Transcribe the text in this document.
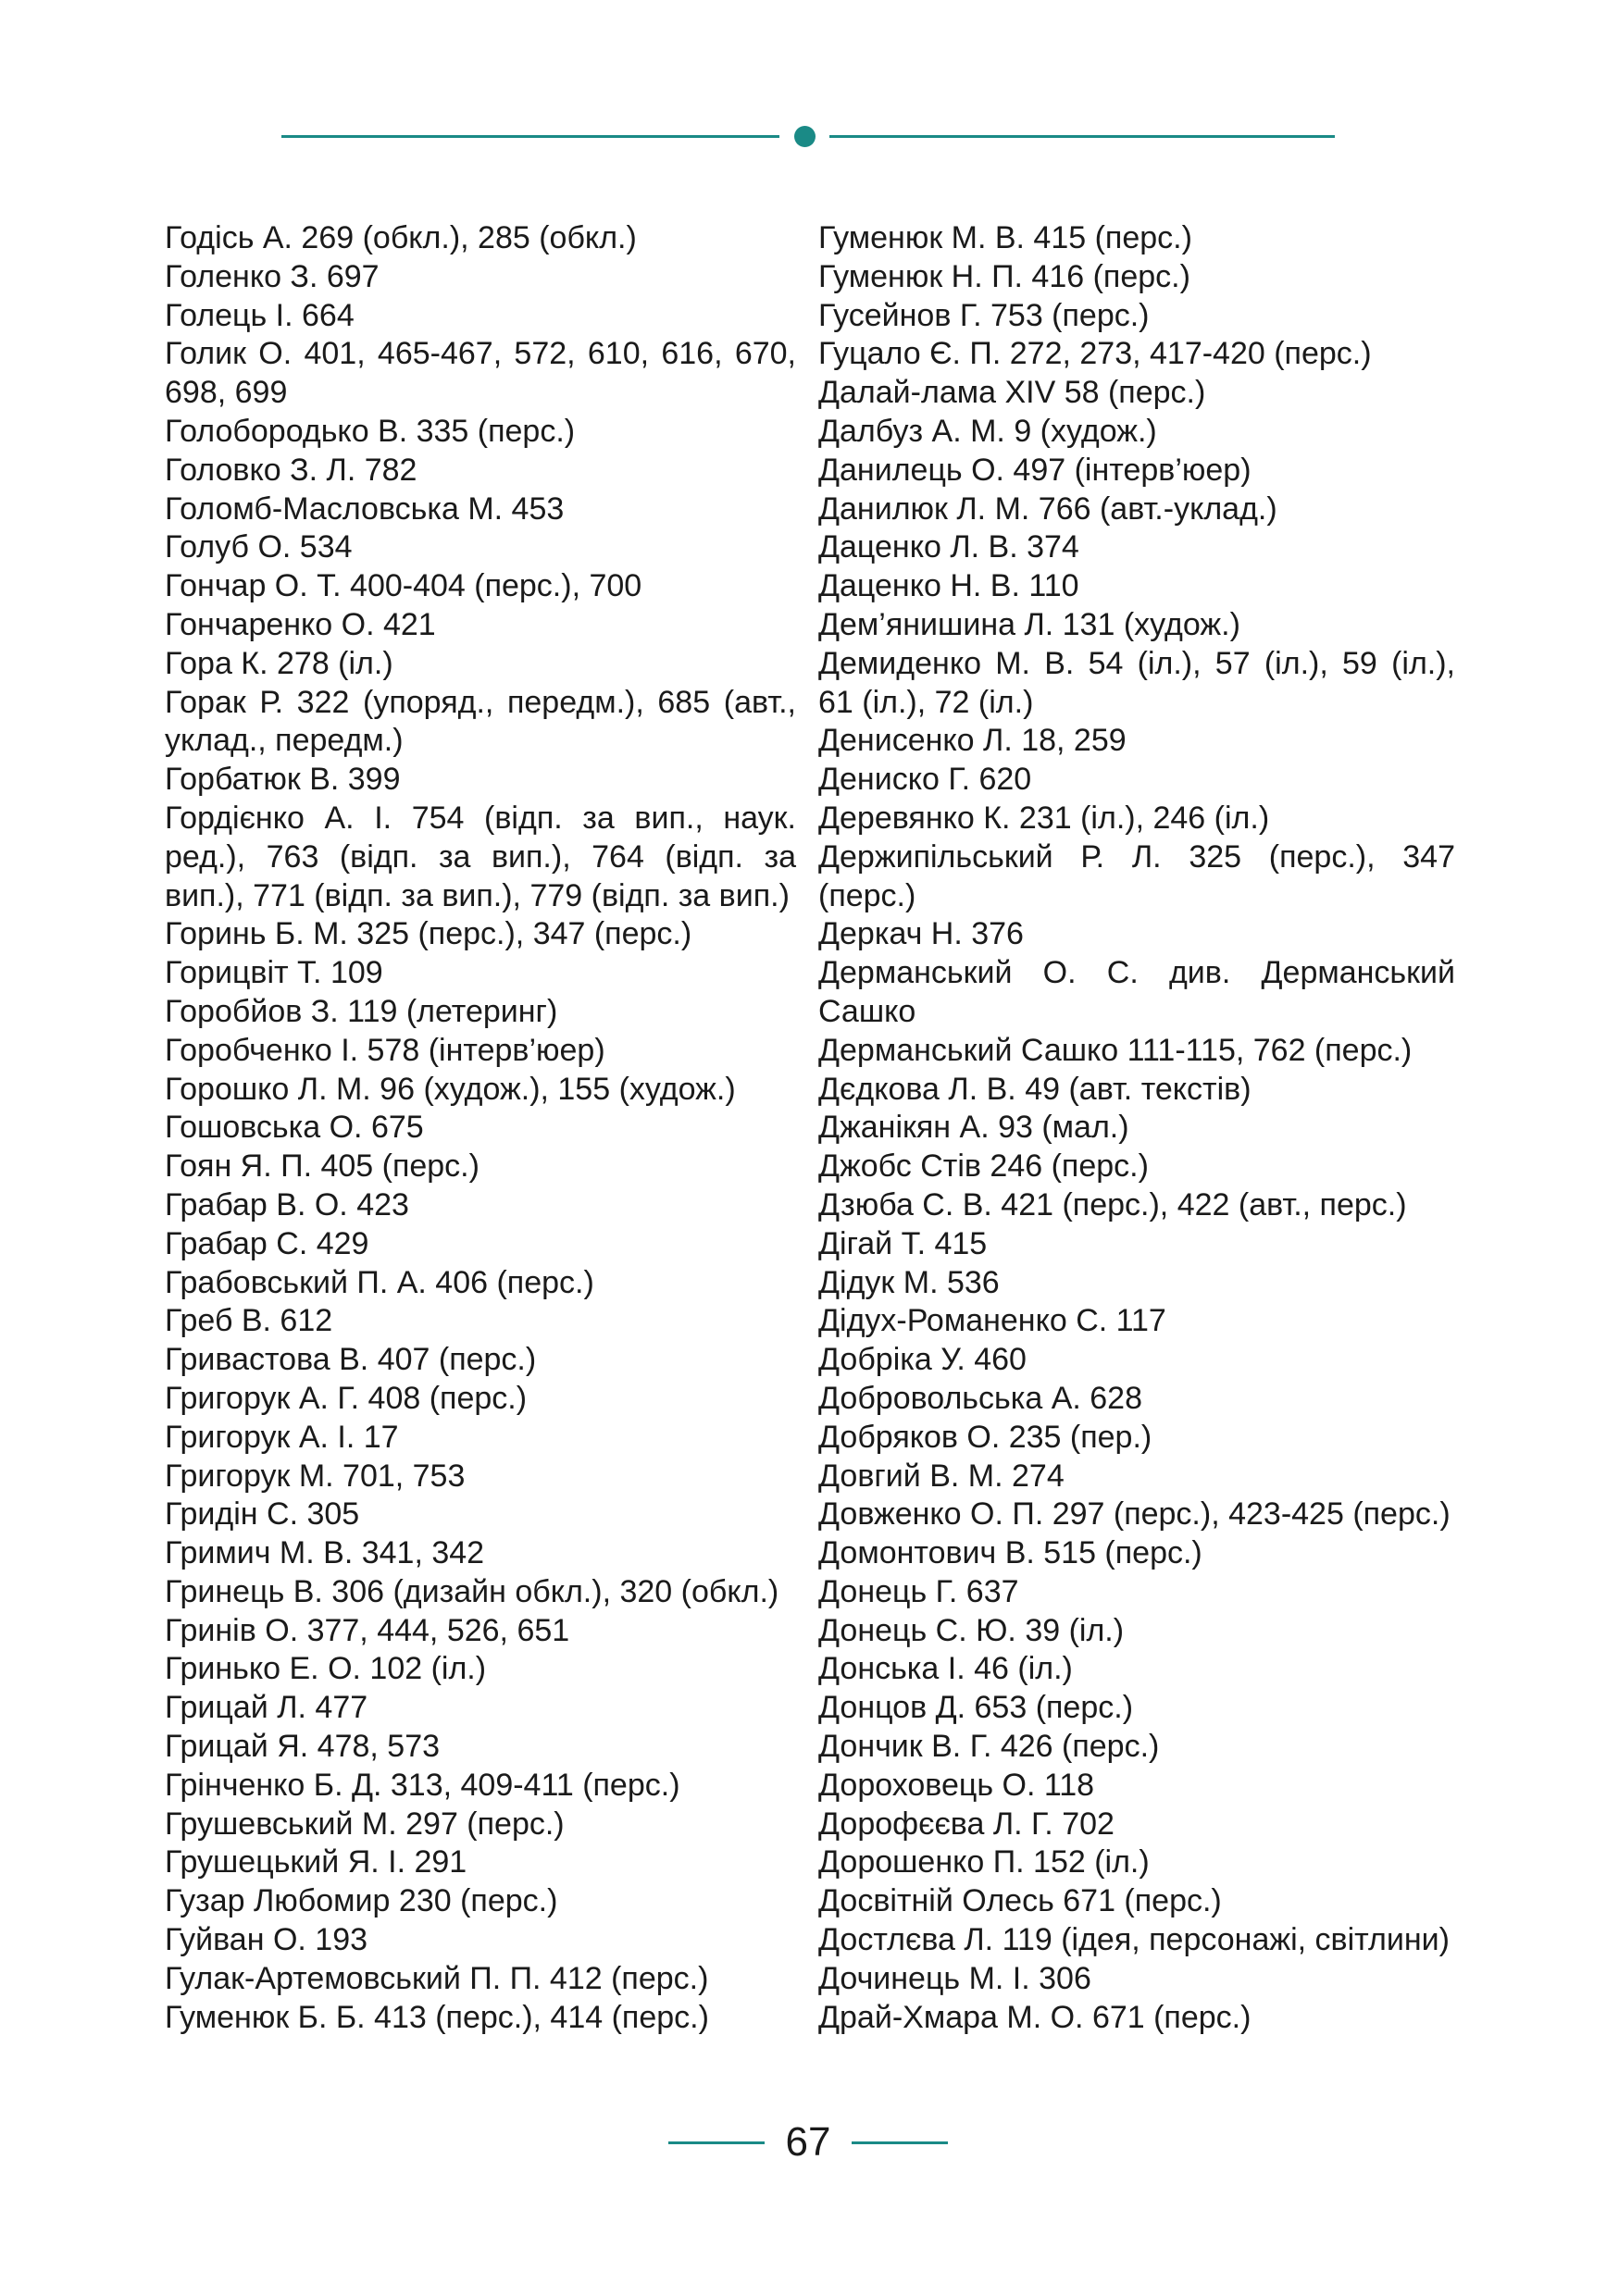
Годісь А. 269 (обкл.), 285 (обкл.)
Голенко З. 697
Голець І. 664
Голик О. 401, 465-467, 572, 610, 616, 670, 698, 699
Голобородько В. 335 (перс.)
Головко З. Л. 782
Голомб-Масловська М. 453
Голуб О. 534
Гончар О. Т. 400-404 (перс.), 700
Гончаренко О. 421
Гора К. 278 (іл.)
Горак Р. 322 (упоряд., передм.), 685 (авт., уклад., передм.)
Горбатюк В. 399
Гордієнко А. І. 754 (відп. за вип., наук. ред.), 763 (відп. за вип.), 764 (відп. за вип.), 771 (відп. за вип.), 779 (відп. за вип.)
Горинь Б. М. 325 (перс.), 347 (перс.)
Горицвіт Т. 109
Горобйов З. 119 (летеринг)
Горобченко І. 578 (інтерв’юер)
Горошко Л. М. 96 (худож.), 155 (худож.)
Гошовська О. 675
Гоян Я. П. 405 (перс.)
Грабар В. О. 423
Грабар С. 429
Грабовський П. А. 406 (перс.)
Греб В. 612
Гривастова В. 407 (перс.)
Григорук А. Г. 408 (перс.)
Григорук А. І. 17
Григорук М. 701, 753
Гридін С. 305
Гримич М. В. 341, 342
Гринець В. 306 (дизайн обкл.), 320 (обкл.)
Гринів О. 377, 444, 526, 651
Гринько Е. О. 102 (іл.)
Грицай Л. 477
Грицай Я. 478, 573
Грінченко Б. Д. 313, 409-411 (перс.)
Грушевський М. 297 (перс.)
Грушецький Я. І. 291
Гузар Любомир 230 (перс.)
Гуйван О. 193
Гулак-Артемовський П. П. 412 (перс.)
Гуменюк Б. Б. 413 (перс.), 414 (перс.)
Гуменюк М. В. 415 (перс.)
Гуменюк Н. П. 416 (перс.)
Гусейнов Г. 753 (перс.)
Гуцало Є. П. 272, 273, 417-420 (перс.)
Далай-лама XIV 58 (перс.)
Далбуз А. М. 9 (худож.)
Данилець О. 497 (інтерв’юер)
Данилюк Л. М. 766 (авт.-уклад.)
Даценко Л. В. 374
Даценко Н. В. 110
Дем’янишина Л. 131 (худож.)
Демиденко М. В. 54 (іл.), 57 (іл.), 59 (іл.), 61 (іл.), 72 (іл.)
Денисенко Л. 18, 259
Дениско Г. 620
Деревянко К. 231 (іл.), 246 (іл.)
Держипільський Р. Л. 325 (перс.), 347 (перс.)
Деркач Н. 376
Дерманський О. С. див. Дерманський Сашко
Дерманський Сашко 111-115, 762 (перс.)
Дєдкова Л. В. 49 (авт. текстів)
Джанікян А. 93 (мал.)
Джобс Стів 246 (перс.)
Дзюба С. В. 421 (перс.), 422 (авт., перс.)
Дігай Т. 415
Дідук М. 536
Дідух-Романенко С. 117
Добріка У. 460
Добровольська А. 628
Добряков О. 235 (пер.)
Довгий В. М. 274
Довженко О. П. 297 (перс.), 423-425 (перс.)
Домонтович В. 515 (перс.)
Донець Г. 637
Донець С. Ю. 39 (іл.)
Донська І. 46 (іл.)
Донцов Д. 653 (перс.)
Дончик В. Г. 426 (перс.)
Дороховець О. 118
Дорофєєва Л. Г. 702
Дорошенко П. 152 (іл.)
Досвітній Олесь 671 (перс.)
Достлєва Л. 119 (ідея, персонажі, світлини)
Дочинець М. І. 306
Драй-Хмара М. О. 671 (перс.)
67
